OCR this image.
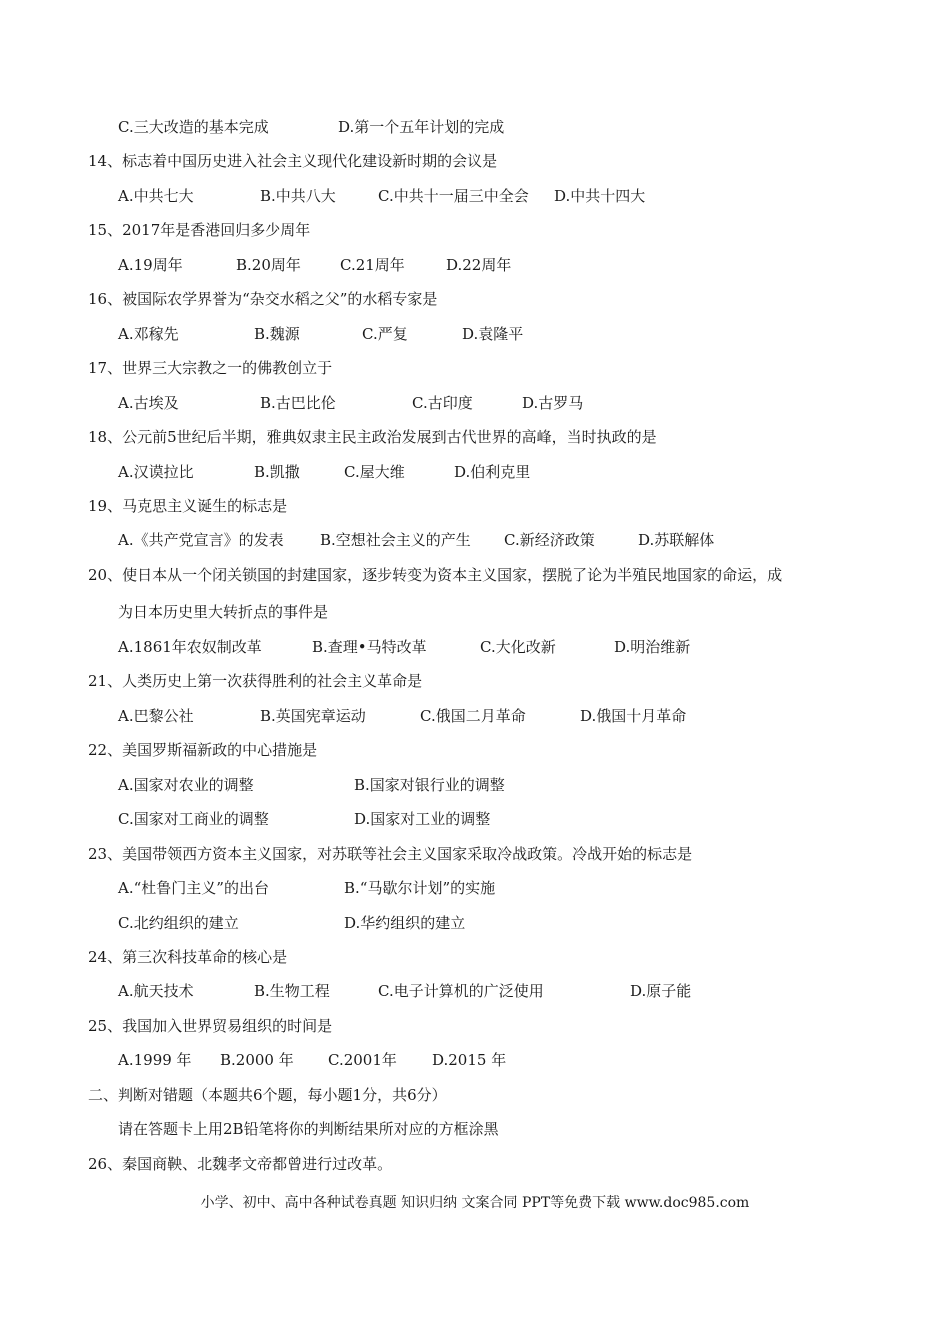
C.三大改造的基本完成	D.第一个五年计划的完成
14、标志着中国历史进入社会主义现代化建设新时期的会议是
A.中共七大	B.中共八大	C.中共十一届三中全会 D.中共十四大
15、2017年是香港回归多少周年
A.19周年	B.20周年	C.21周年	D.22周年
16、被国际农学界誉为“杂交水稻之父”的水稻专家是
A.邓稼先	B.魏源	C.严复	D.袁隆平
17、世界三大宗教之一的佛教创立于
A.古埃及	B.古巴比伦	C.古印度	D.古罗马
18、公元前5世纪后半期，雅典奴隶主民主政治发展到古代世界的高峰，当时执政的是
A.汉谟拉比	B.凯撒	C.屋大维	D.伯利克里
19、马克思主义诞生的标志是
A.《共产党宣言》的发表 B.空想社会主义的产生 C.新经济政策	D.苏联解体
20、使日本从一个闭关锁国的封建国家，逐步转变为资本主义国家，摆脱了论为半殖民地国家的命运，成
为日本历史里大转折点的事件是
A.1861年农奴制改革	B.查理•马特改革	C.大化改新	D.明治维新
21、人类历史上第一次获得胜利的社会主义革命是
A.巴黎公社	B.英国宪章运动	C.俄国二月革命	D.俄国十月革命
22、美国罗斯福新政的中心措施是
A.国家对农业的调整	B.国家对银行业的调整
C.国家对工商业的调整	D.国家对工业的调整
23、美国带领西方资本主义国家，对苏联等社会主义国家采取冷战政策。冷战开始的标志是
A.“杜鲁门主义”的出台	B.“马歇尔计划”的实施
C.北约组织的建立	D.华约组织的建立
24、第三次科技革命的核心是
A.航天技术	B.生物工程	C.电子计算机的广泛使用	D.原子能
25、我国加入世界贸易组织的时间是
A.1999 年 B.2000 年 C.2001年 D.2015 年
二、判断对错题（本题共6个题，每小题1分，共6分）
请在答题卡上用2B铅笔将你的判断结果所对应的方框涂黑
26、秦国商鞅、北魏孝文帝都曾进行过改革。
小学、初中、高中各种试卷真题 知识归纳 文案合同 PPT等免费下载 www.doc985.com
